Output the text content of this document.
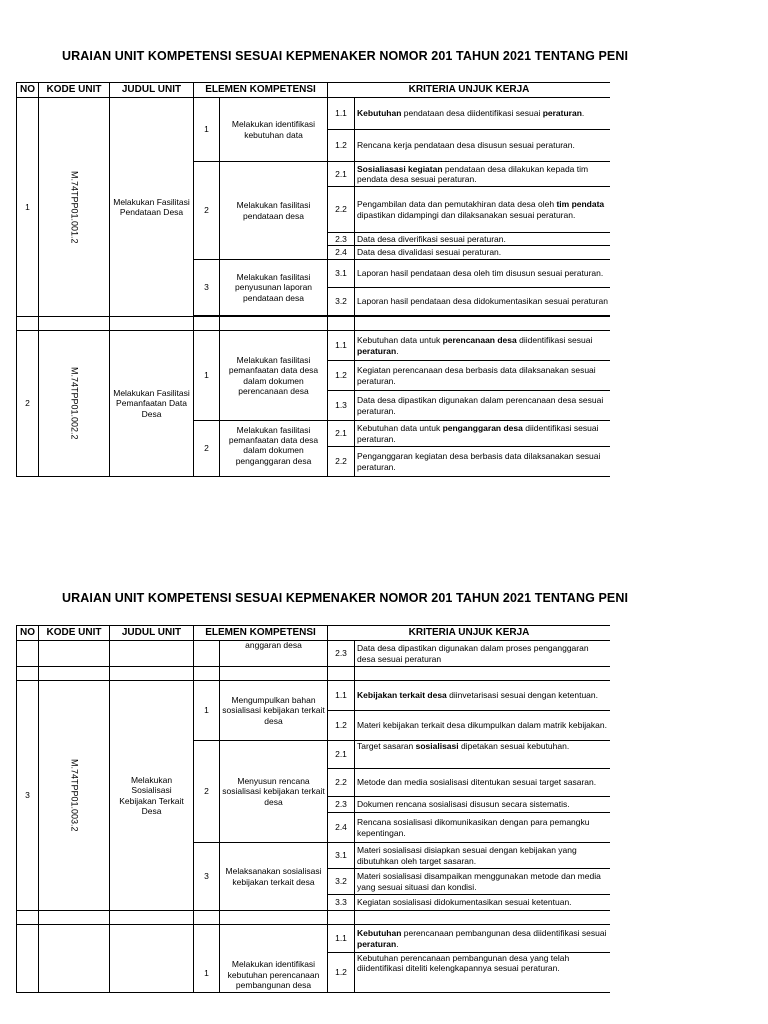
URAIAN UNIT KOMPETENSI SESUAI KEPMENAKER NOMOR 201 TAHUN 2021 TENTANG PENI
NO	KODE UNIT	JUDUL UNIT	ELEMEN KOMPETENSI		KRITERIA UNJUK KERJA	
1	M.74TPP01.001.2	Melakukan Fasilitasi Pendataan Desa	1	Melakukan identifikasi kebutuhan data	1.1	Kebutuhan pendataan desa diidentifikasi sesuai peraturan.
					1.2	Rencana kerja pendataan desa disusun sesuai peraturan.
			2	Melakukan fasilitasi pendataan desa	2.1	Sosialiasasi kegiatan pendataan desa dilakukan kepada tim pendata desa sesuai peraturan.
					2.2	Pengambilan data dan pemutakhiran data desa oleh tim pendata dipastikan didampingi dan dilaksanakan sesuai peraturan.
					2.3	Data desa diverifikasi sesuai peraturan.
					2.4	Data desa divalidasi sesuai peraturan.
			3	Melakukan fasilitasi penyusunan laporan pendataan desa	3.1	Laporan hasil pendataan desa oleh tim disusun sesuai peraturan.
					3.2	Laporan hasil pendataan desa didokumentasikan sesuai peraturan

2	M.74TPP01.002.2	Melakukan Fasilitasi Pemanfaatan Data Desa	1	Melakukan fasilitasi pemanfaatan data desa dalam dokumen perencanaan desa	1.1	Kebutuhan data untuk perencanaan desa diidentifikasi sesuai peraturan.
					1.2	Kegiatan perencanaan desa berbasis data dilaksanakan sesuai peraturan.
					1.3	Data desa dipastikan digunakan dalam perencanaan desa sesuai peraturan.
			2	Melakukan fasilitasi pemanfaatan data desa dalam dokumen penganggaran desa	2.1	Kebutuhan data untuk penganggaran desa diidentifikasi sesuai peraturan.
					2.2	Penganggaran kegiatan desa berbasis data dilaksanakan sesuai peraturan.
URAIAN UNIT KOMPETENSI SESUAI KEPMENAKER NOMOR 201 TAHUN 2021 TENTANG PENI
NO	KODE UNIT	JUDUL UNIT	ELEMEN KOMPETENSI		KRITERIA UNJUK KERJA	
				anggaran desa	2.3	Data desa dipastikan digunakan dalam proses penganggaran desa sesuai peraturan

3	M.74TPP01.003.2	Melakukan Sosialisasi Kebijakan Terkait Desa	1	Mengumpulkan bahan sosialisasi kebijakan terkait desa	1.1	Kebijakan terkait desa diinvetarisasi sesuai dengan ketentuan.
					1.2	Materi kebijakan terkait desa dikumpulkan dalam matrik kebijakan.
			2	Menyusun rencana sosialisasi kebijakan terkait desa	2.1	Target sasaran sosialisasi dipetakan sesuai kebutuhan.
					2.2	Metode dan media sosialisasi ditentukan sesuai target sasaran.
					2.3	Dokumen rencana sosialisasi disusun secara sistematis.
					2.4	Rencana sosialisasi dikomunikasikan dengan para pemangku kepentingan.
			3	Melaksanakan sosialisasi kebijakan terkait desa	3.1	Materi sosialisasi disiapkan sesuai dengan kebijakan yang dibutuhkan oleh target sasaran.
					3.2	Materi sosialisasi disampaikan menggunakan metode dan media yang sesuai situasi dan kondisi.
					3.3	Kegiatan sosialisasi didokumentasikan sesuai ketentuan.

			1	Melakukan identifikasi kebutuhan perencanaan pembangunan desa	1.1	Kebutuhan perencanaan pembangunan desa diidentifikasi sesuai peraturan.
					1.2	Kebutuhan perencanaan pembangunan desa yang telah diidentifikasi diteliti kelengkapannya sesuai peraturan.
